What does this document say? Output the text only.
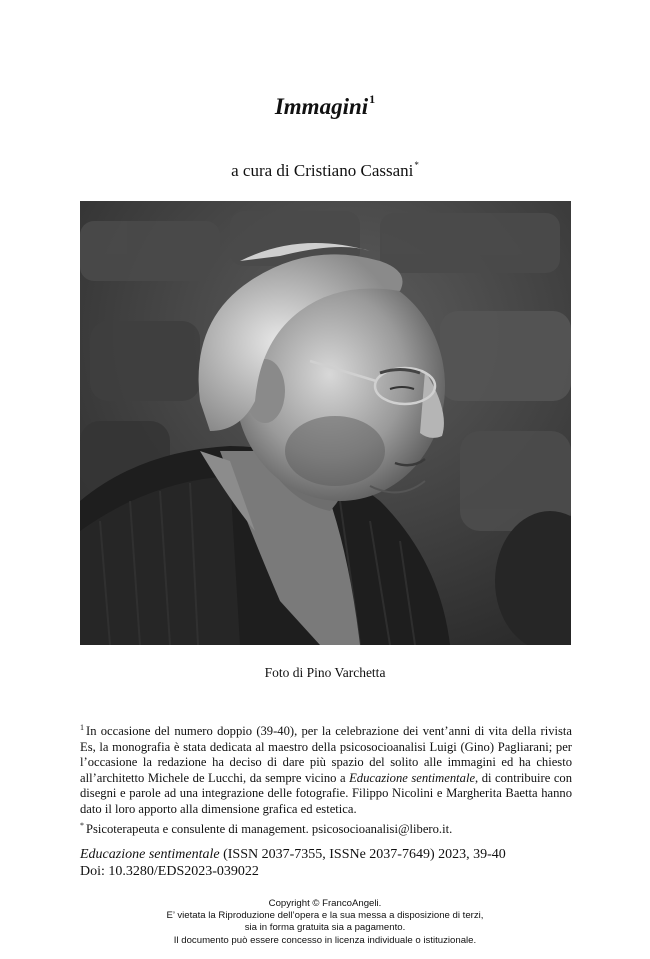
Immagini$^1$
a cura di Cristiano Cassani*
Foto di Pino Varchetta

$^1$ In occasione del numero doppio (39-40), per la celebrazione dei vent’anni di vita della rivista Es, la monografia è stata dedicata al maestro della psicosocioanalisi Luigi (Gino) Pagliarani; per l’occasione la redazione ha deciso di dare più spazio del solito alle immagini ed ha chiesto all’architetto Michele de Lucchi, da sempre vicino a Educazione sentimentale, di contribuire con disegni e parole ad una integrazione delle fotografie. Filippo Nicolini e Margherita Baetta hanno dato il loro apporto alla dimensione grafica ed estetica.

* Psicoterapeuta e consulente di management. psicosocioanalisi@libero.it.

Educazione sentimentale (ISSN 2037-7355, ISSNe 2037-7649) 2023, 39-40
Doi: 10.3280/EDS2023-039022
Copyright © FrancoAngeli.
E’ vietata la Riproduzione dell’opera e la sua messa a disposizione di terzi,
sia in forma gratuita sia a pagamento.
Il documento può essere concesso in licenza individuale o istituzionale.
